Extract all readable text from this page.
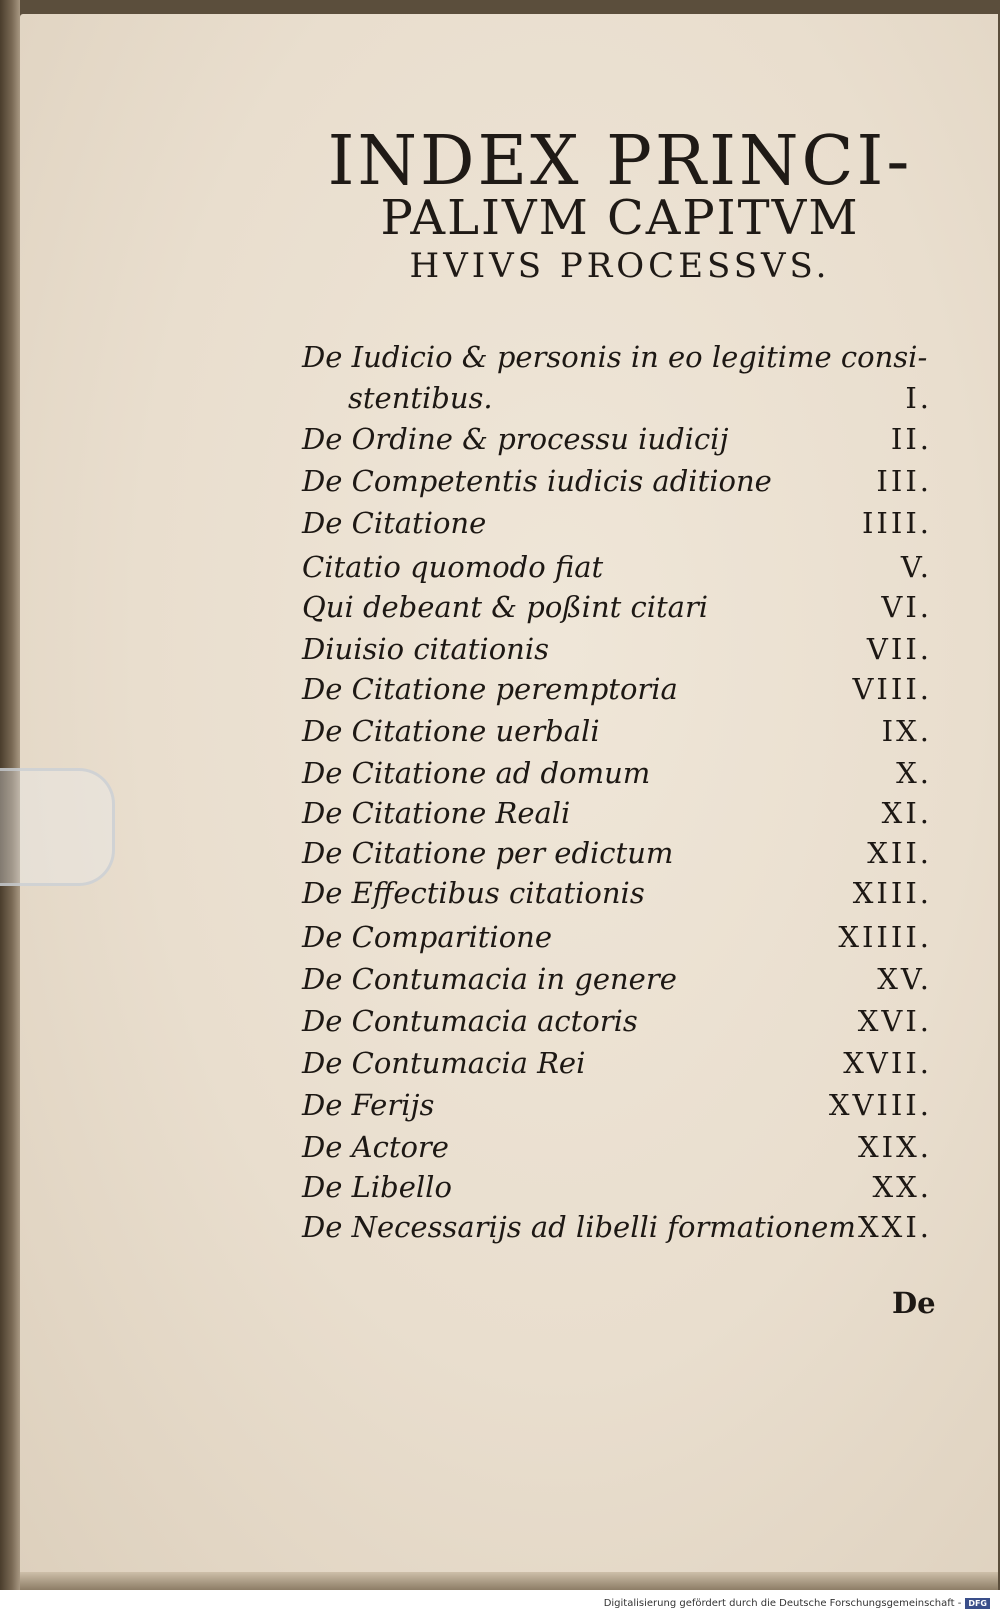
INDEX PRINCI-
PALIVM CAPITVM
HVIVS PROCESSVS.
De Iudicio & personis in eo legitime consi-
stentibus.	I.
De Ordine & processu iudicij	II.
De Competentis iudicis aditione	III.
De Citatione	IIII.
Citatio quomodo fiat	V.
Qui debeant & poßint citari	VI.
Diuisio citationis	VII.
De Citatione peremptoria	VIII.
De Citatione uerbali	IX.
De Citatione ad domum	X.
De Citatione Reali	XI.
De Citatione per edictum	XII.
De Effectibus citationis	XIII.
De Comparitione	XIIII.
De Contumacia in genere	XV.
De Contumacia actoris	XVI.
De Contumacia Rei	XVII.
De Ferijs	XVIII.
De Actore	XIX.
De Libello	XX.
De Necessarijs ad libelli formationem XXI.
De
Digitalisierung gefördert durch die Deutsche Forschungsgemeinschaft - DFG
